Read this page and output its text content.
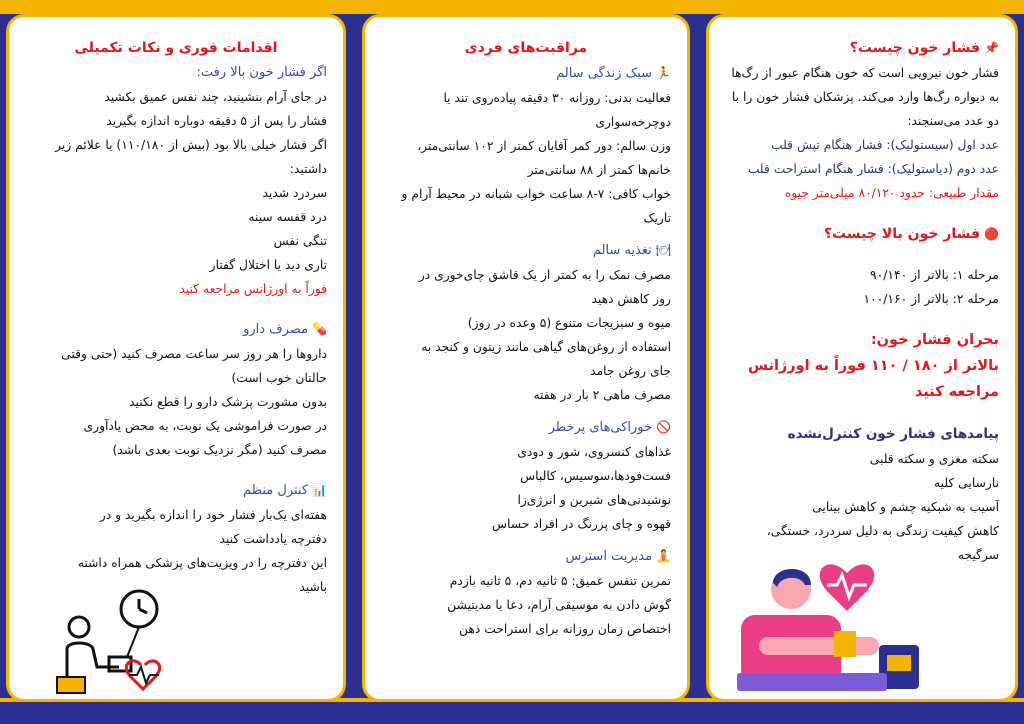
📌فشار خون چیست؟
فشار خون نیرویی است که خون هنگام عبور از رگ‌ها
به دیواره رگ‌ها وارد می‌کند. پزشکان فشار خون را با
دو عدد می‌سنجند:
عدد اول (سیستولیک): فشار هنگام تپش قلب
عدد دوم (دیاستولیک): فشار هنگام استراحت قلب
مقدار طبیعی: حدود ۸۰/۱۲۰ میلی‌متر جیوه
🔴فشار خون بالا چیست؟
مرحله ۱: بالاتر از ۹۰/۱۴۰
مرحله ۲: بالاتر از ۱۰۰/۱۶۰
بحران فشار خون:
بالاتر از ۱۸۰ / ۱۱۰ فوراً به اورژانس مراجعه کنید
پیامدهای فشار خون کنترل‌نشده
سکته مغزی و سکته قلبی
نارسایی کلیه
آسیب به شبکیه چشم و کاهش بینایی
کاهش کیفیت زندگی به دلیل سردرد، خستگی،
سرگیجه
مراقبت‌های فردی
🏃سبک زندگی سالم
فعالیت بدنی: روزانه ۳۰ دقیقه پیاده‌روی تند یا
دوچرخه‌سواری
وزن سالم: دور کمر آقایان کمتر از ۱۰۲ سانتی‌متر،
خانم‌ها کمتر از ۸۸ سانتی‌متر
خواب کافی: ۷-۸ ساعت خواب شبانه در محیط آرام و
تاریک
🍽تغذیه سالم
مصرف نمک را به کمتر از یک قاشق چای‌خوری در
روز کاهش دهید
میوه و سبزیجات متنوع (۵ وعده در روز)
استفاده از روغن‌های گیاهی مانند زیتون و کنجد به
جای روغن جامد
مصرف ماهی ۲ بار در هفته
🚫خوراکی‌های پرخطر
غذاهای کنسروی، شور و دودی
فست‌فودها،سوسیس، کالباس
نوشیدنی‌های شیرین و انرژی‌زا
قهوه و چای پررنگ در افراد حساس
🧘مدیریت استرس
تمرین تنفس عمیق: ۵ ثانیه دم، ۵ ثانیه بازدم
گوش دادن به موسیقی آرام، دعا یا مدیتیشن
اختصاص زمان روزانه برای استراحت ذهن
اقدامات فوری و نکات تکمیلی
اگر فشار خون بالا رفت:
در جای آرام بنشینید، چند نفس عمیق بکشید
فشار را پس از ۵ دقیقه دوباره اندازه بگیرید
اگر فشار خیلی بالا بود (بیش از ۱۱۰/۱۸۰) یا علائم زیر
داشتید:
سردرد شدید
درد قفسه سینه
تنگی نفس
تاری دید یا اختلال گفتار
فوراً به اورژانس مراجعه کنید
💊مصرف دارو
داروها را هر روز سر ساعت مصرف کنید (حتی وقتی
حالتان خوب است)
بدون مشورت پزشک دارو را قطع نکنید
در صورت فراموشی یک نوبت، به محض یادآوری
مصرف کنید (مگر نزدیک نوبت بعدی باشد)
📊کنترل منظم
هفته‌ای یک‌بار فشار خود را اندازه بگیرید و در
دفترچه یادداشت کنید
این دفترچه را در ویزیت‌های پزشکی همراه داشته
باشید
